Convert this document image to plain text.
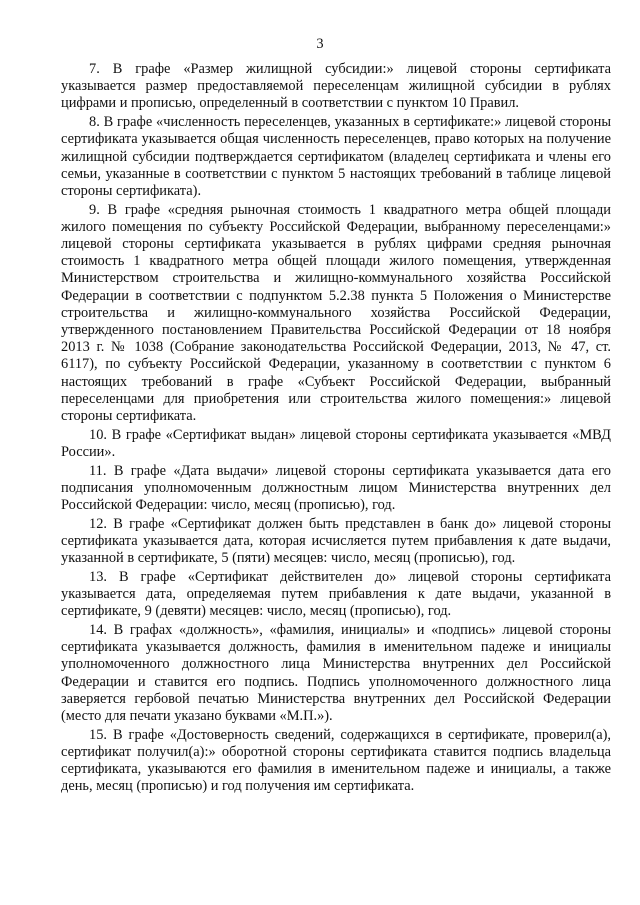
3

7. В графе «Размер жилищной субсидии:» лицевой стороны сертификата указывается размер предоставляемой переселенцам жилищной субсидии в рублях цифрами и прописью, определенный в соответствии с пунктом 10 Правил.

8. В графе «численность переселенцев, указанных в сертификате:» лицевой стороны сертификата указывается общая численность переселенцев, право которых на получение жилищной субсидии подтверждается сертификатом (владелец сертификата и члены его семьи, указанные в соответствии с пунктом 5 настоящих требований в таблице лицевой стороны сертификата).

9. В графе «средняя рыночная стоимость 1 квадратного метра общей площади жилого помещения по субъекту Российской Федерации, выбранному переселенцами:» лицевой стороны сертификата указывается в рублях цифрами средняя рыночная стоимость 1 квадратного метра общей площади жилого помещения, утвержденная Министерством строительства и жилищно-коммунального хозяйства Российской Федерации в соответствии с подпунктом 5.2.38 пункта 5 Положения о Министерстве строительства и жилищно-коммунального хозяйства Российской Федерации, утвержденного постановлением Правительства Российской Федерации от 18 ноября 2013 г. № 1038 (Собрание законодательства Российской Федерации, 2013, № 47, ст. 6117), по субъекту Российской Федерации, указанному в соответствии с пунктом 6 настоящих требований в графе «Субъект Российской Федерации, выбранный переселенцами для приобретения или строительства жилого помещения:» лицевой стороны сертификата.

10. В графе «Сертификат выдан» лицевой стороны сертификата указывается «МВД России».

11. В графе «Дата выдачи» лицевой стороны сертификата указывается дата его подписания уполномоченным должностным лицом Министерства внутренних дел Российской Федерации: число, месяц (прописью), год.

12. В графе «Сертификат должен быть представлен в банк до» лицевой стороны сертификата указывается дата, которая исчисляется путем прибавления к дате выдачи, указанной в сертификате, 5 (пяти) месяцев: число, месяц (прописью), год.

13. В графе «Сертификат действителен до» лицевой стороны сертификата указывается дата, определяемая путем прибавления к дате выдачи, указанной в сертификате, 9 (девяти) месяцев: число, месяц (прописью), год.

14. В графах «должность», «фамилия, инициалы» и «подпись» лицевой стороны сертификата указывается должность, фамилия в именительном падеже и инициалы уполномоченного должностного лица Министерства внутренних дел Российской Федерации и ставится его подпись. Подпись уполномоченного должностного лица заверяется гербовой печатью Министерства внутренних дел Российской Федерации (место для печати указано буквами «М.П.»).

15. В графе «Достоверность сведений, содержащихся в сертификате, проверил(а), сертификат получил(а):» оборотной стороны сертификата ставится подпись владельца сертификата, указываются его фамилия в именительном падеже и инициалы, а также день, месяц (прописью) и год получения им сертификата.
